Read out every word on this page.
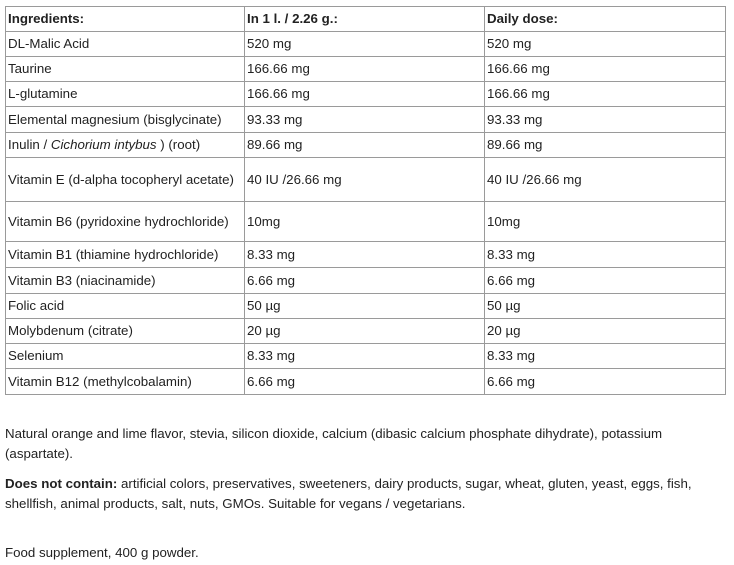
Ingredients:	In 1 l. / 2.26 g.:	Daily dose:
DL-Malic Acid	520 mg	520 mg
Taurine	166.66 mg	166.66 mg
L-glutamine	166.66 mg	166.66 mg
Elemental magnesium (bisglycinate)	93.33 mg	93.33 mg
Inulin / Cichorium intybus ) (root)	89.66 mg	89.66 mg
Vitamin E (d-alpha tocopheryl acetate)	40 IU /26.66 mg	40 IU /26.66 mg
Vitamin B6 (pyridoxine hydrochloride)	10mg	10mg
Vitamin B1 (thiamine hydrochloride)	8.33 mg	8.33 mg
Vitamin B3 (niacinamide)	6.66 mg	6.66 mg
Folic acid	50 µg	50 µg
Molybdenum (citrate)	20 µg	20 µg
Selenium	8.33 mg	8.33 mg
Vitamin B12 (methylcobalamin)	6.66 mg	6.66 mg

Natural orange and lime flavor, stevia, silicon dioxide, calcium (dibasic calcium phosphate dihydrate), potassium (aspartate).

Does not contain: artificial colors, preservatives, sweeteners, dairy products, sugar, wheat, gluten, yeast, eggs, fish, shellfish, animal products, salt, nuts, GMOs. Suitable for vegans / vegetarians.

Food supplement, 400 g powder.
